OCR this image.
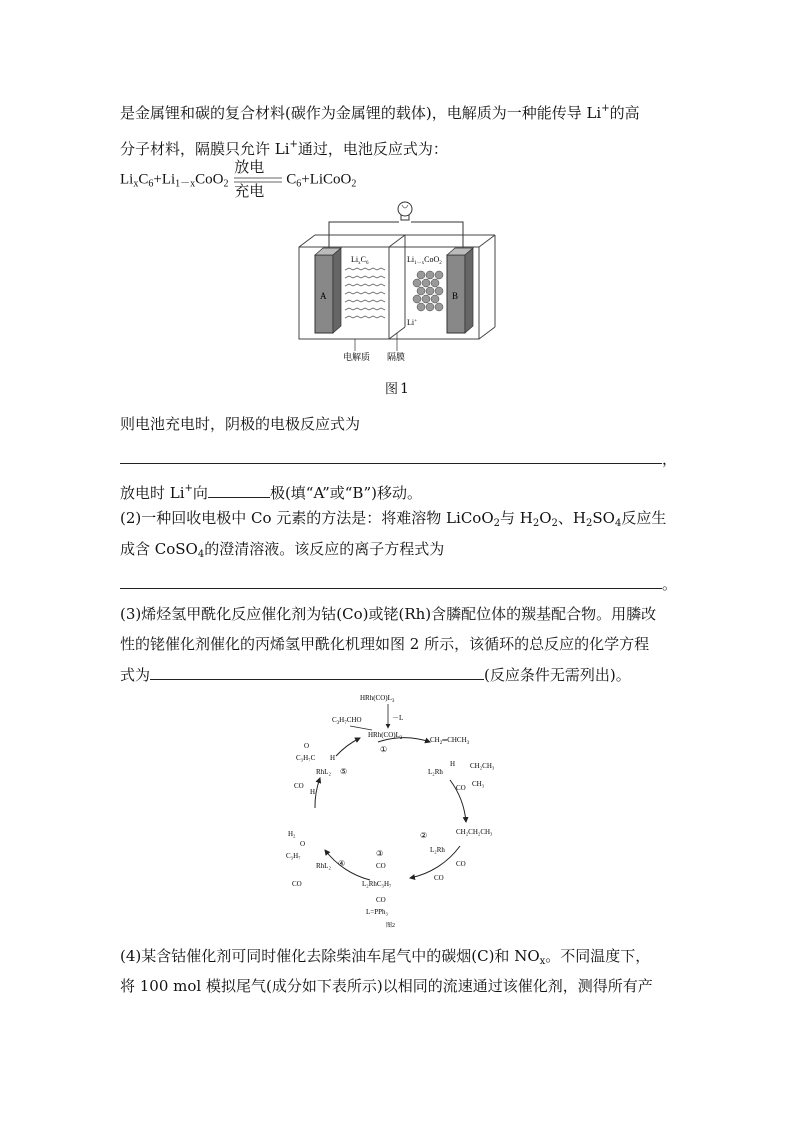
是金属锂和碳的复合材料(碳作为金属锂的载体)，电解质为一种能传导 Li+的高
分子材料，隔膜只允许 Li+通过，电池反应式为：
$Li_xC_6+Li_{1-x}CoO_2$
放电
充电
$C_6+LiCoO_2$
A	B
$Li_xC_6$	$Li_{1-x}CoO_2$
Li+
电解质 隔膜
图 1
则电池充电时，阴极的电极反应式为
，
放电时 Li+向	极(填“A”或“B”)移动。
(2)一种回收电极中 Co 元素的方法是：将难溶物 LiCoO$_2$与 $H_2O_2$、$H_2SO_4$反应生
成含 CoSO$_4$的澄清溶液。该反应的离子方程式为
。
(3)烯烃氢甲酰化反应催化剂为钴(Co)或铑(Rh)含膦配位体的羰基配合物。用膦改
性的铑催化剂催化的丙烯氢甲酰化机理如图 2 所示，该循环的总反应的化学方程
式为	(反应条件无需列出)。
$HRh(CO)L_3$
－L
$HRh(CO)L_2$
①
$CH_2═CHCH_3$
$C_3H_7CHO$
L₂Rh
H CH₂CH₃
CH₃
CO
②
L₂Rh
CH₂CH₂CH₃
CO
CO
③
CO
L₂RhC₃H₇
CO
L=PPh₃
图2
H₂
O
C₃H₇
RhL₂ ④
CO
O
C₃H₇C H
RhL₂ ⑤
CO
H
(4)某含钴催化剂可同时催化去除柴油车尾气中的碳烟(C)和 $NO_x$。不同温度下，
将 100 mol 模拟尾气(成分如下表所示)以相同的流速通过该催化剂，测得所有产
